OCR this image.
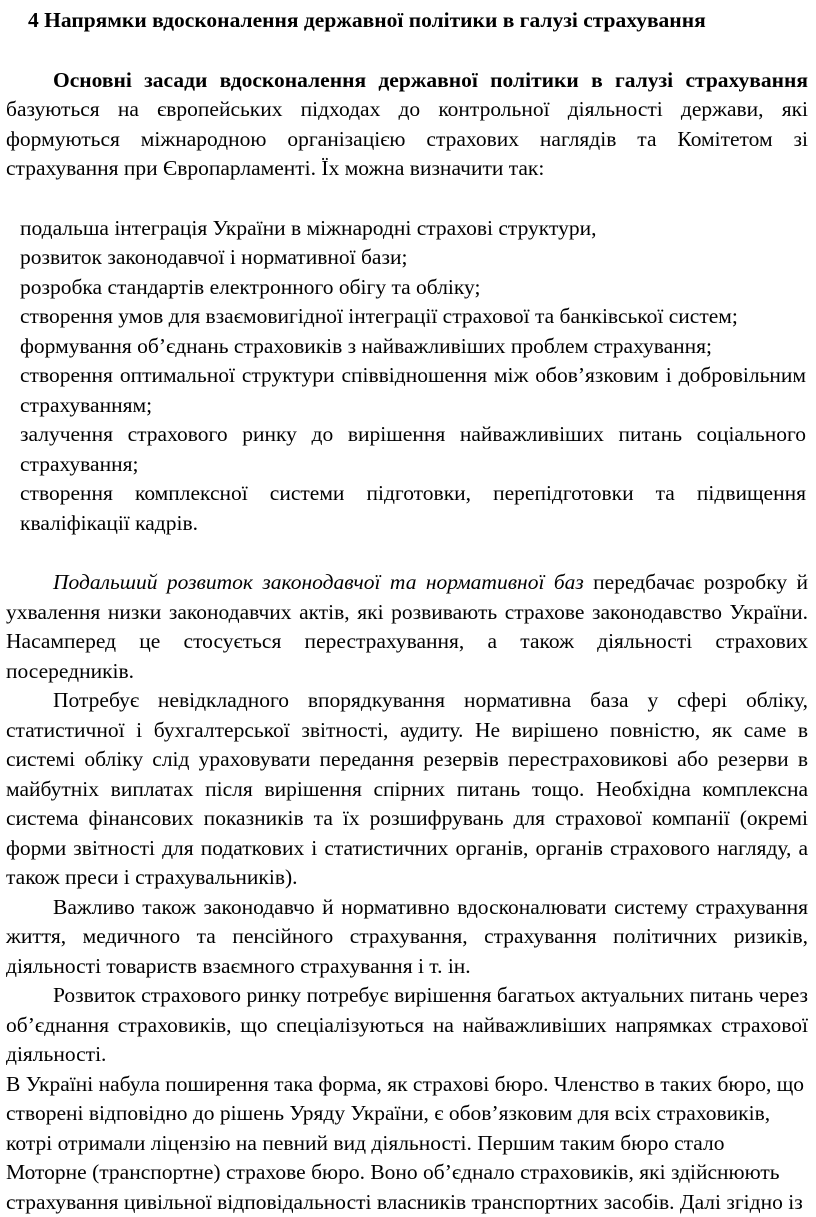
4 Напрямки вдосконалення державної політики в галузі страхування

Основні засади вдосконалення державної політики в галузі страхування базуються на європейських підходах до контрольної діяльності держави, які формуються міжнародною організацією страхових наглядів та Комітетом зі страхування при Європарламенті. Їх можна визначити так:

подальша інтеграція України в міжнародні страхові структури,
розвиток законодавчої і нормативної бази;
розробка стандартів електронного обігу та обліку;
створення умов для взаємовигідної інтеграції страхової та банківської систем;
формування об’єднань страховиків з найважливіших проблем страхування;
створення оптимальної структури співвідношення між обов’язковим і добровільним страхуванням;
залучення страхового ринку до вирішення найважливіших питань соціального страхування;
створення комплексної системи підготовки, перепідготовки та підвищення кваліфікації кадрів.

Подальший розвиток законодавчої та нормативної баз передбачає розробку й ухвалення низки законодавчих актів, які розвивають страхове законодавство України. Насамперед це стосується перестрахування, а також діяльності страхових посередників.

Потребує невідкладного впорядкування нормативна база у сфері обліку, статистичної і бухгалтерської звітності, аудиту. Не вирішено повністю, як саме в системі обліку слід ураховувати передання резервів перестраховикові або резерви в майбутніх виплатах після вирішення спірних питань тощо. Необхідна комплексна система фінансових показників та їх розшифрувань для страхової компанії (окремі форми звітності для податкових і статистичних органів, органів страхового нагляду, а також преси і страхувальників).

Важливо також законодавчо й нормативно вдосконалювати систему страхування життя, медичного та пенсійного страхування, страхування політичних ризиків, діяльності товариств взаємного страхування і т. ін.

Розвиток страхового ринку потребує вирішення багатьох актуальних питань через об’єднання страховиків, що спеціалізуються на найважливіших напрямках страхової діяльності.

В Україні набула поширення така форма, як страхові бюро. Членство в таких бюро, що створені відповідно до рішень Уряду України, є обов’язковим для всіх страховиків, котрі отримали ліцензію на певний вид діяльності. Першим таким бюро стало Моторне (транспортне) страхове бюро. Воно об’єднало страховиків, які здійснюють страхування цивільної відповідальності власників транспортних засобів. Далі згідно із
